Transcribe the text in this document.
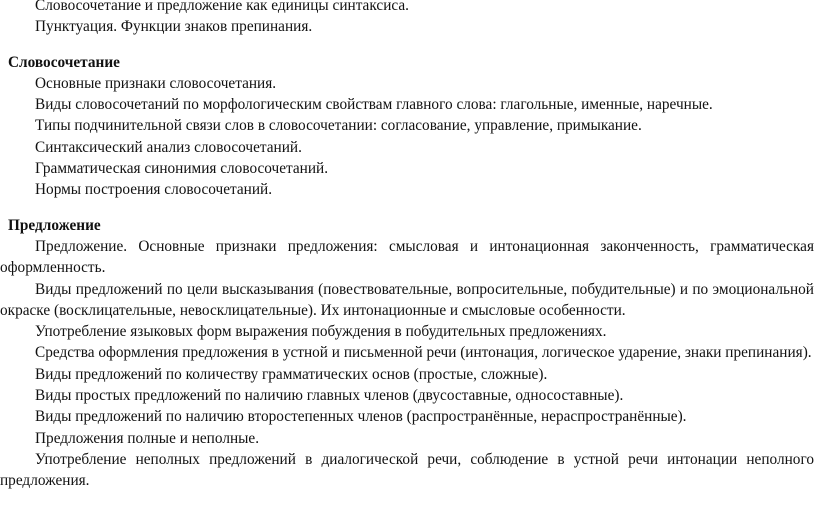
Словосочетание и предложение как единицы синтаксиса.

Пунктуация. Функции знаков препинания.

Словосочетание

Основные признаки словосочетания.

Виды словосочетаний по морфологическим свойствам главного слова: глагольные, именные, наречные.

Типы подчинительной связи слов в словосочетании: согласование, управление, примыкание.

Синтаксический анализ словосочетаний.

Грамматическая синонимия словосочетаний.

Нормы построения словосочетаний.

Предложение

Предложение. Основные признаки предложения: смысловая и интонационная законченность, грамматическая оформленность.

Виды предложений по цели высказывания (повествовательные, вопросительные, побудительные) и по эмоциональной окраске (восклицательные, невосклицательные). Их интонационные и смысловые особенности.

Употребление языковых форм выражения побуждения в побудительных предложениях.

Средства оформления предложения в устной и письменной речи (интонация, логическое ударение, знаки препинания).

Виды предложений по количеству грамматических основ (простые, сложные).

Виды простых предложений по наличию главных членов (двусоставные, односоставные).

Виды предложений по наличию второстепенных членов (распространённые, нераспространённые).

Предложения полные и неполные.

Употребление неполных предложений в диалогической речи, соблюдение в устной речи интонации неполного предложения.
